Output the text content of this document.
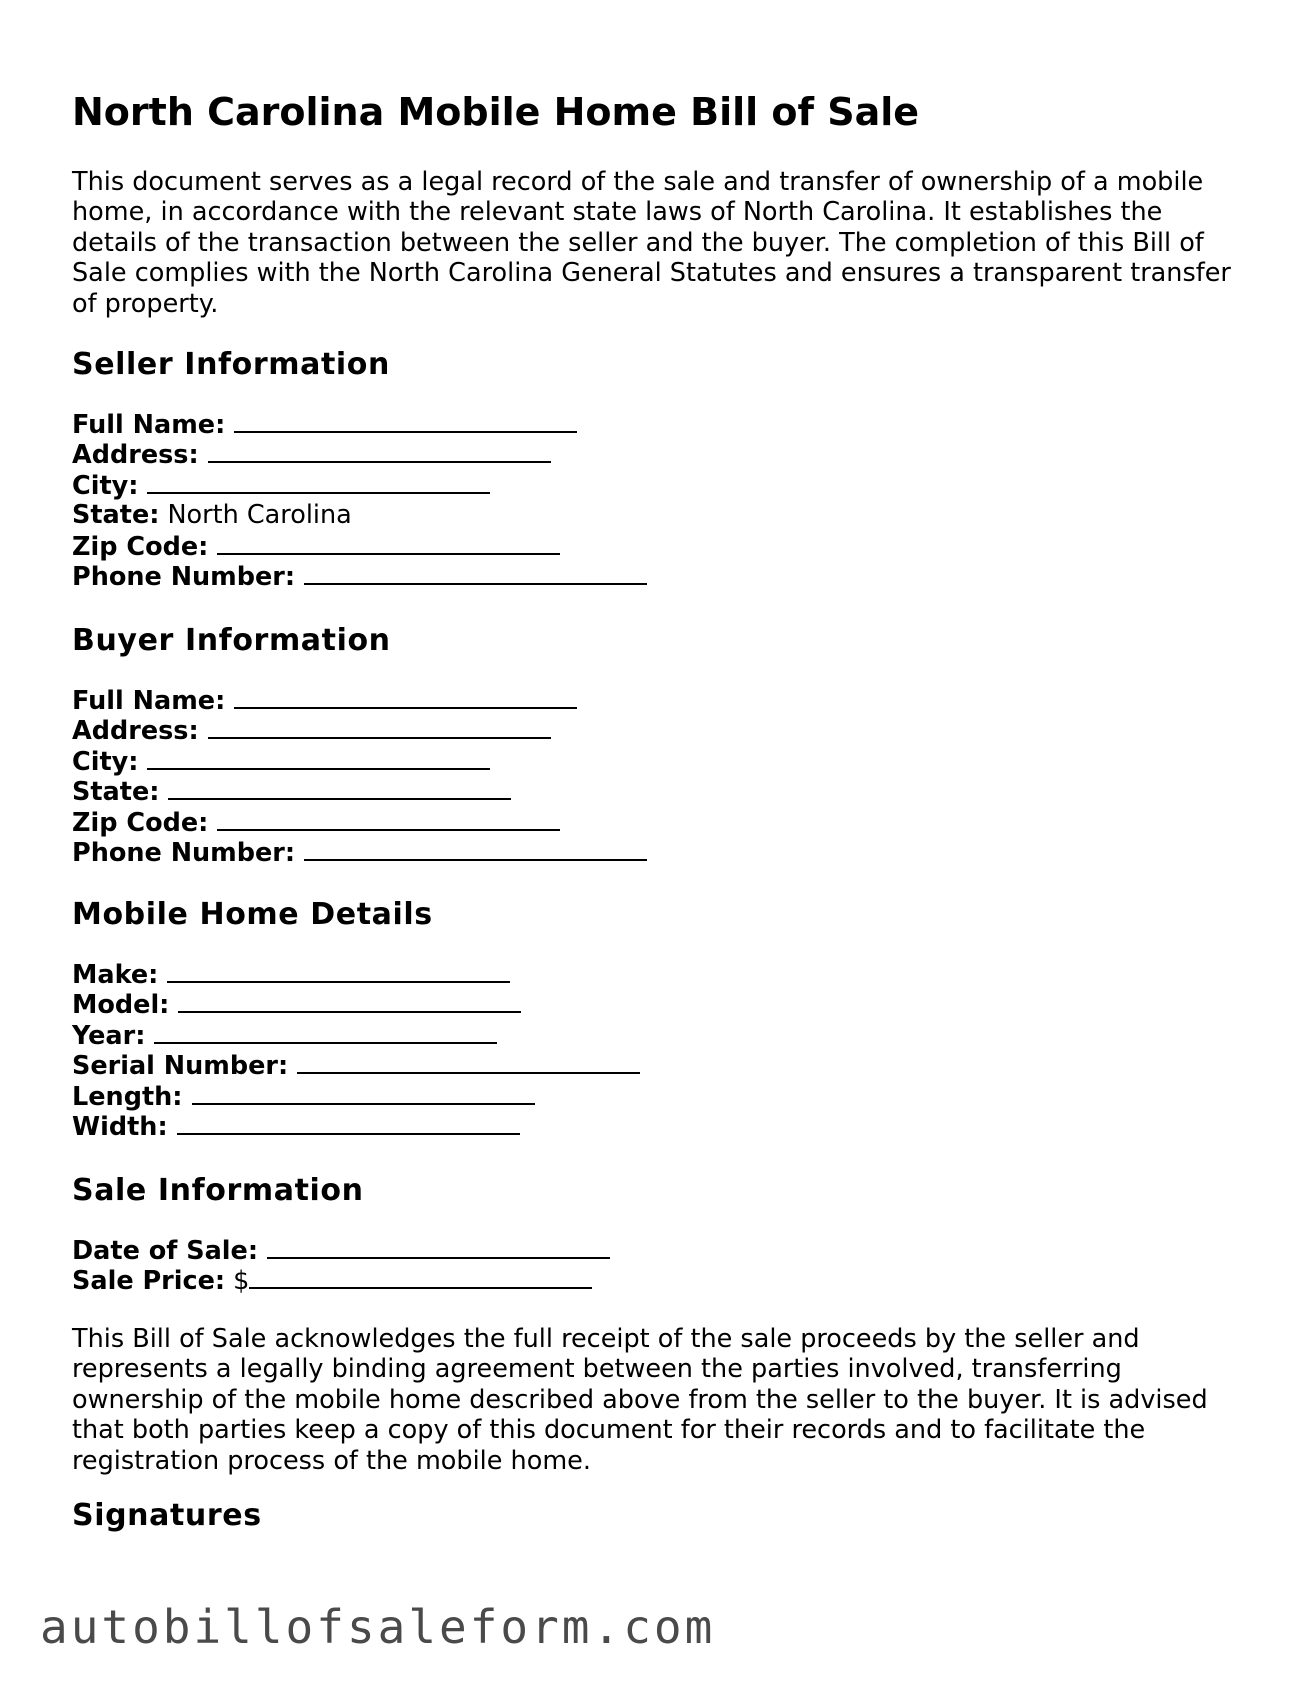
North Carolina Mobile Home Bill of Sale

This document serves as a legal record of the sale and transfer of ownership of a mobile home, in accordance with the relevant state laws of North Carolina. It establishes the details of the transaction between the seller and the buyer. The completion of this Bill of Sale complies with the North Carolina General Statutes and ensures a transparent transfer of property.

Seller Information
Full Name:
Address:
City:
State: North Carolina
Zip Code:
Phone Number:
Buyer Information
Full Name:
Address:
City:
State:
Zip Code:
Phone Number:
Mobile Home Details
Make:
Model:
Year:
Serial Number:
Length:
Width:
Sale Information
Date of Sale:
Sale Price: $

This Bill of Sale acknowledges the full receipt of the sale proceeds by the seller and represents a legally binding agreement between the parties involved, transferring ownership of the mobile home described above from the seller to the buyer. It is advised that both parties keep a copy of this document for their records and to facilitate the registration process of the mobile home.

Signatures
autobillofsaleform.com
